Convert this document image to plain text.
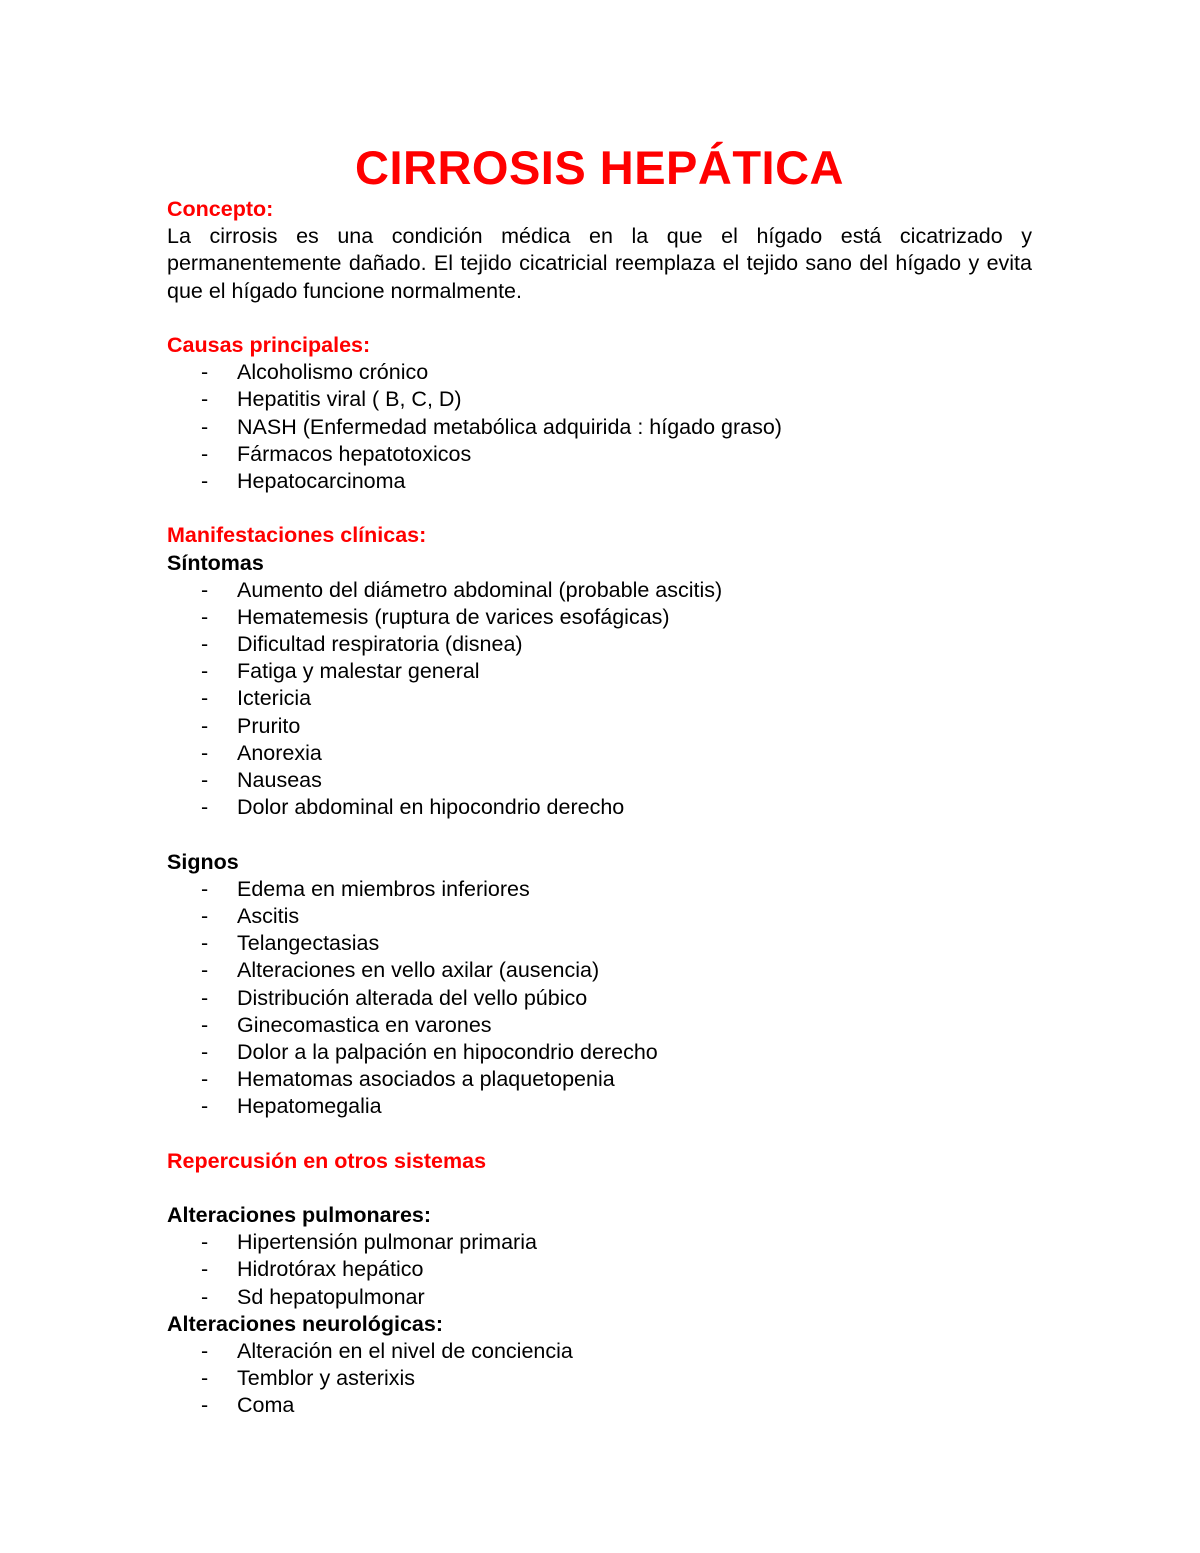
CIRROSIS HEPÁTICA
Concepto:

La cirrosis es una condición médica en la que el hígado está cicatrizado y permanentemente dañado. El tejido cicatricial reemplaza el tejido sano del hígado y evita que el hígado funcione normalmente.

Causas principales:
- Alcoholismo crónico
- Hepatitis viral ( B, C, D)
- NASH (Enfermedad metabólica adquirida : hígado graso)
- Fármacos hepatotoxicos
- Hepatocarcinoma
Manifestaciones clínicas:
Síntomas
- Aumento del diámetro abdominal (probable ascitis)
- Hematemesis (ruptura de varices esofágicas)
- Dificultad respiratoria (disnea)
- Fatiga y malestar general
- Ictericia
- Prurito
- Anorexia
- Nauseas
- Dolor abdominal en hipocondrio derecho
Signos
- Edema en miembros inferiores
- Ascitis
- Telangectasias
- Alteraciones en vello axilar (ausencia)
- Distribución alterada del vello púbico
- Ginecomastica en varones
- Dolor a la palpación en hipocondrio derecho
- Hematomas asociados a plaquetopenia
- Hepatomegalia
Repercusión en otros sistemas
Alteraciones pulmonares:
- Hipertensión pulmonar primaria
- Hidrotórax hepático
- Sd hepatopulmonar
Alteraciones neurológicas:
- Alteración en el nivel de conciencia
- Temblor y asterixis
- Coma
